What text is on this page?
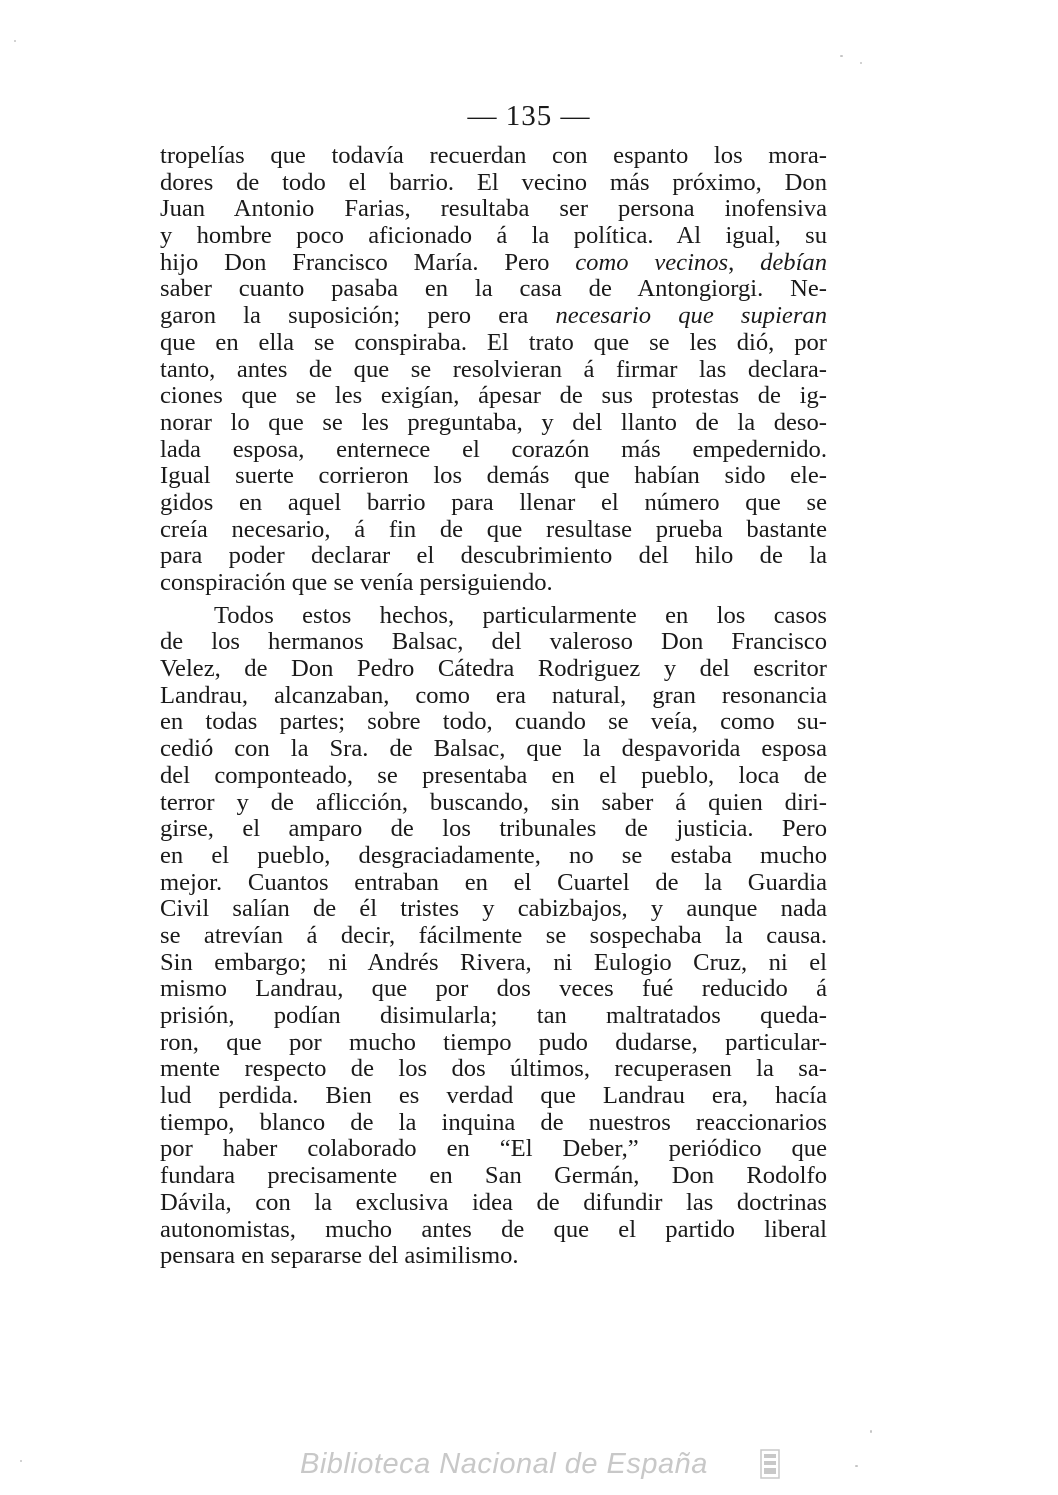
— 135 —
tropelías que todavía recuerdan con espanto los mora-
dores de todo el barrio. El vecino más próximo, Don
Juan Antonio Farias, resultaba ser persona inofensiva
y hombre poco aficionado á la política. Al igual, su
hijo Don Francisco María. Pero como vecinos, debían
saber cuanto pasaba en la casa de Antongiorgi. Ne-
garon la suposición; pero era necesario que supieran
que en ella se conspiraba. El trato que se les dió, por
tanto, antes de que se resolvieran á firmar las declara-
ciones que se les exigían, ápesar de sus protestas de ig-
norar lo que se les preguntaba, y del llanto de la deso-
lada esposa, enternece el corazón más empedernido.
Igual suerte corrieron los demás que habían sido ele-
gidos en aquel barrio para llenar el número que se
creía necesario, á fin de que resultase prueba bastante
para poder declarar el descubrimiento del hilo de la
conspiración que se venía persiguiendo.
Todos estos hechos, particularmente en los casos
de los hermanos Balsac, del valeroso Don Francisco
Velez, de Don Pedro Cátedra Rodriguez y del escritor
Landrau, alcanzaban, como era natural, gran resonancia
en todas partes; sobre todo, cuando se veía, como su-
cedió con la Sra. de Balsac, que la despavorida esposa
del componteado, se presentaba en el pueblo, loca de
terror y de aflicción, buscando, sin saber á quien diri-
girse, el amparo de los tribunales de justicia. Pero
en el pueblo, desgraciadamente, no se estaba mucho
mejor. Cuantos entraban en el Cuartel de la Guardia
Civil salían de él tristes y cabizbajos, y aunque nada
se atrevían á decir, fácilmente se sospechaba la causa.
Sin embargo; ni Andrés Rivera, ni Eulogio Cruz, ni el
mismo Landrau, que por dos veces fué reducido á
prisión, podían disimularla; tan maltratados queda-
ron, que por mucho tiempo pudo dudarse, particular-
mente respecto de los dos últimos, recuperasen la sa-
lud perdida. Bien es verdad que Landrau era, hacía
tiempo, blanco de la inquina de nuestros reaccionarios
por haber colaborado en “El Deber,” periódico que
fundara precisamente en San Germán, Don Rodolfo
Dávila, con la exclusiva idea de difundir las doctrinas
autonomistas, mucho antes de que el partido liberal
pensara en separarse del asimilismo.
Biblioteca Nacional de España
